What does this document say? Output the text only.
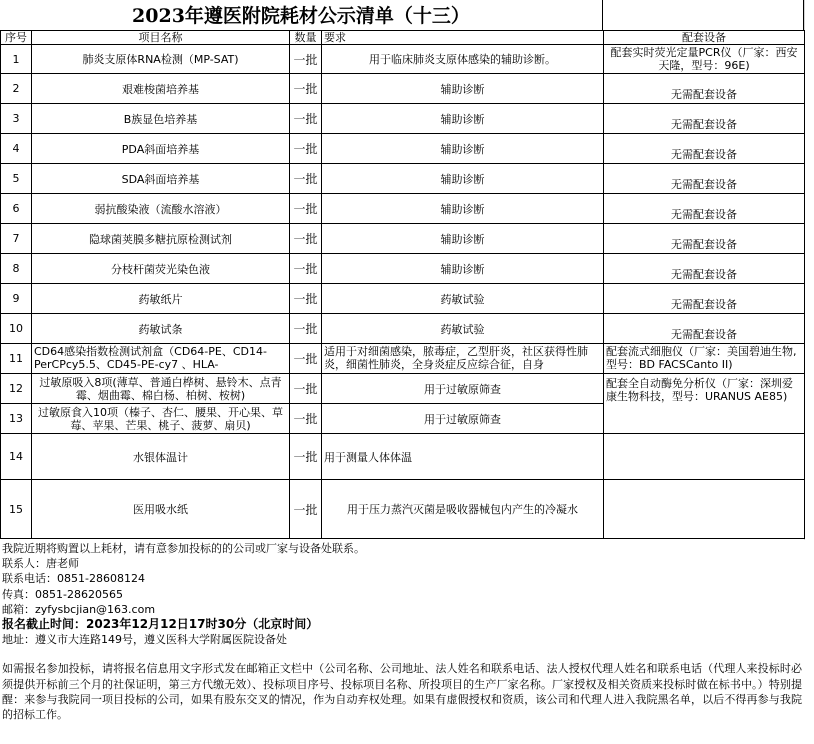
2023年遵医附院耗材公示清单（十三）
序号	项目名称	数量	要求	配套设备
1	肺炎支原体RNA检测（MP-SAT)	一批	用于临床肺炎支原体感染的辅助诊断。	配套实时荧光定量PCR仪（厂家：西安天隆，型号：96E)
2	艰难梭菌培养基	一批	辅助诊断	无需配套设备
3	B族显色培养基	一批	辅助诊断	无需配套设备
4	PDA斜面培养基	一批	辅助诊断	无需配套设备
5	SDA斜面培养基	一批	辅助诊断	无需配套设备
6	弱抗酸染液（流酸水溶液）	一批	辅助诊断	无需配套设备
7	隐球菌荚膜多糖抗原检测试剂	一批	辅助诊断	无需配套设备
8	分枝杆菌荧光染色液	一批	辅助诊断	无需配套设备
9	药敏纸片	一批	药敏试验	无需配套设备
10	药敏试条	一批	药敏试验	无需配套设备
11	CD64感染指数检测试剂盒（CD64-PE、CD14-PerCPcy5.5、CD45-PE-cy7 、HLA-	一批	适用于对细菌感染，脓毒症，乙型肝炎，社区获得性肺炎，细菌性肺炎，全身炎症反应综合征，自身	配套流式细胞仪（厂家：美国碧迪生物,型号：BD FACSCanto II)
12	过敏原吸入8项(薄草、普通白桦树、悬铃木、点青霉、烟曲霉、棉白杨、柏树、桉树)	一批	用于过敏原筛查	配套全自动酶免分析仪（厂家：深圳爱康生物科技，型号：URANUS AE85)

13	过敏原食入10项（榛子、杏仁、腰果、开心果、草莓、苹果、芒果、桃子、菠萝、扇贝)	一批	用于过敏原筛查	
14	水银体温计	一批	用于测量人体体温	
15	医用吸水纸	一批	用于压力蒸汽灭菌是吸收器械包内产生的冷凝水	
我院近期将购置以上耗材，请有意参加投标的的公司或厂家与设备处联系。
联系人：唐老师
联系电话：0851-28608124
传真：0851-28620565
邮箱：zyfysbcjian@163.com
报名截止时间：2023年12月12日17时30分（北京时间）
地址：遵义市大连路149号，遵义医科大学附属医院设备处
如需报名参加投标，请将报名信息用文字形式发在邮箱正文栏中（公司名称、公司地址、法人姓名和联系电话、法人授权代理人姓名和联系电话（代理人来投标时必须提供开标前三个月的社保证明，第三方代缴无效）、投标项目序号、投标项目名称、所投项目的生产厂家名称。厂家授权及相关资质来投标时做在标书中。）特别提醒：来参与我院同一项目投标的公司，如果有股东交叉的情况，作为自动弃权处理。如果有虚假授权和资质，该公司和代理人进入我院黑名单，以后不得再参与我院的招标工作。
